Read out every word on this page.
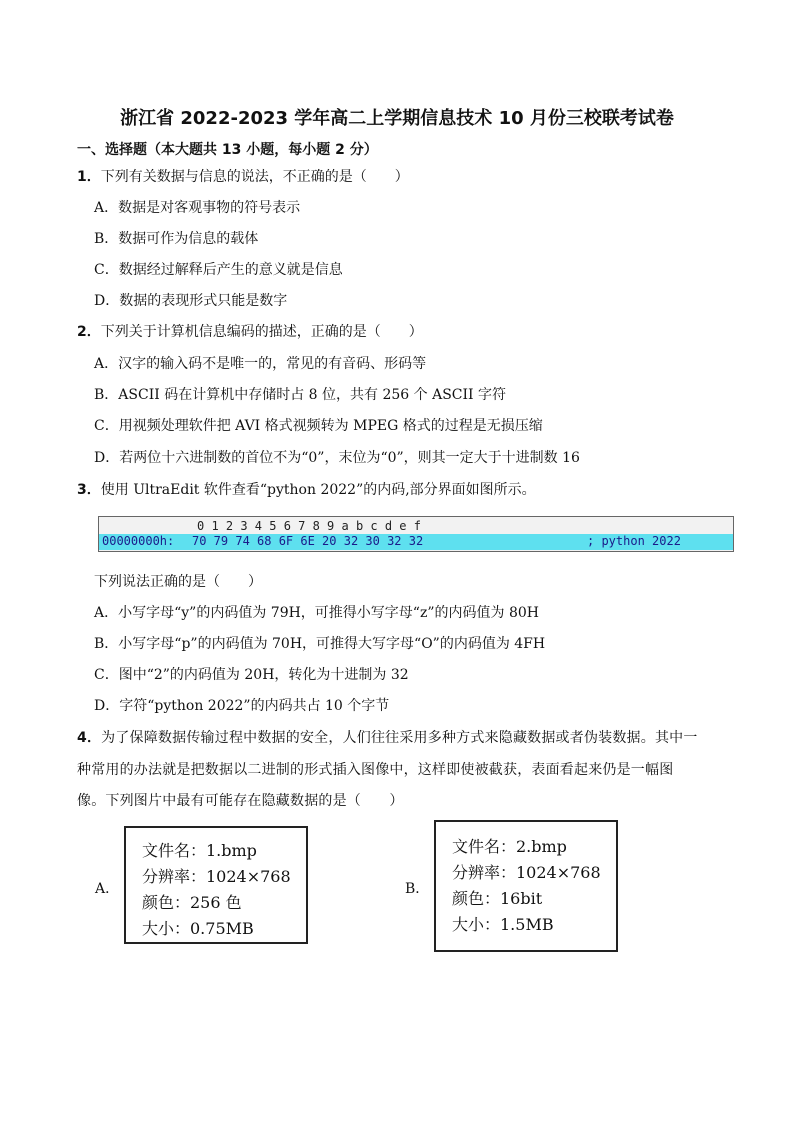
浙江省 2022-2023 学年高二上学期信息技术 10 月份三校联考试卷
一、选择题（本大题共 13 小题，每小题 2 分）
1．下列有关数据与信息的说法，不正确的是（　　）
A．数据是对客观事物的符号表示
B．数据可作为信息的载体
C．数据经过解释后产生的意义就是信息
D．数据的表现形式只能是数字
2．下列关于计算机信息编码的描述，正确的是（　　）
A．汉字的输入码不是唯一的，常见的有音码、形码等
B．ASCII 码在计算机中存储时占 8 位，共有 256 个 ASCII 字符
C．用视频处理软件把 AVI 格式视频转为 MPEG 格式的过程是无损压缩
D．若两位十六进制数的首位不为“0”，末位为“0”，则其一定大于十进制数 16
3．使用 UltraEdit 软件查看“python 2022”的内码,部分界面如图所示。
0 1 2 3 4 5 6 7 8 9 a b c d e f
00000000h: 70 79 74 68 6F 6E 20 32 30 32 32	; python 2022
下列说法正确的是（　　）
A．小写字母“y”的内码值为 79H，可推得小写字母“z”的内码值为 80H
B．小写字母“p”的内码值为 70H，可推得大写字母“O”的内码值为 4FH
C．图中“2”的内码值为 20H，转化为十进制为 32
D．字符“python 2022”的内码共占 10 个字节
4．为了保障数据传输过程中数据的安全，人们往往采用多种方式来隐藏数据或者伪装数据。其中一
种常用的办法就是把数据以二进制的形式插入图像中，这样即使被截获，表面看起来仍是一幅图
像。下列图片中最有可能存在隐藏数据的是（　　）
A．
文件名：1.bmp
分辨率：1024×768
颜色：256 色
大小：0.75MB
B．
文件名：2.bmp
分辨率：1024×768
颜色：16bit
大小：1.5MB
